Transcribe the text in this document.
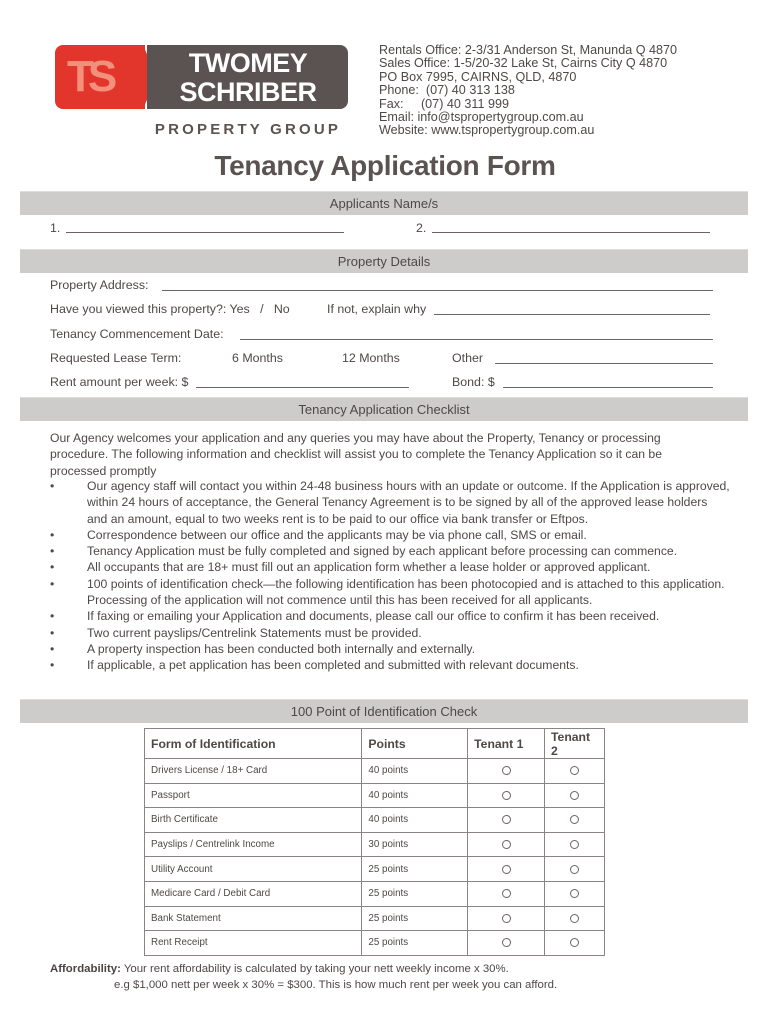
TS	TWOMEY
SCHRIBER
PROPERTY GROUP
Rentals Office: 2-3/31 Anderson St, Manunda Q 4870
Sales Office: 1-5/20-32 Lake St, Cairns City Q 4870
PO Box 7995, CAIRNS, QLD, 4870
Phone:  (07) 40 313 138
Fax:     (07) 40 311 999
Email: info@tspropertygroup.com.au
Website: www.tspropertygroup.com.au
Tenancy Application Form
Applicants Name/s
1.	2.
Property Details
Property Address:
Have you viewed this property?: Yes   /   No	If not, explain why
Tenancy Commencement Date:
Requested Lease Term:	6 Months	12 Months	Other
Rent amount per week: $	Bond: $
Tenancy Application Checklist
Our Agency welcomes your application and any queries you may have about the Property, Tenancy or processing procedure. The following information and checklist will assist you to complete the Tenancy Application so it can be processed promptly
•	Our agency staff will contact you within 24-48 business hours with an update or outcome. If the Application is approved, within 24 hours of acceptance, the General Tenancy Agreement is to be signed by all of the approved lease holders and an amount, equal to two weeks rent is to be paid to our office via bank transfer or Eftpos.
•	Correspondence between our office and the applicants may be via phone call, SMS or email.
•	Tenancy Application must be fully completed and signed by each applicant before processing can commence.
•	All occupants that are 18+ must fill out an application form whether a lease holder or approved applicant.
•	100 points of identification check—the following identification has been photocopied and is attached to this application. Processing of the application will not commence until this has been received for all applicants.
•	If faxing or emailing your Application and documents, please call our office to confirm it has been received.
•	Two current payslips/Centrelink Statements must be provided.
•	A property inspection has been conducted both internally and externally.
•	If applicable, a pet application has been completed and submitted with relevant documents.
100 Point of Identification Check
Form of Identification	Points	Tenant 1	Tenant 2
Drivers License / 18+ Card	40 points		
Passport	40 points		
Birth Certificate	40 points		
Payslips / Centrelink Income	30 points		
Utility Account	25 points		
Medicare Card / Debit Card	25 points		
Bank Statement	25 points		
Rent Receipt	25 points		
Affordability: Your rent affordability is calculated by taking your nett weekly income x 30%.
e.g $1,000 nett per week x 30% = $300. This is how much rent per week you can afford.
